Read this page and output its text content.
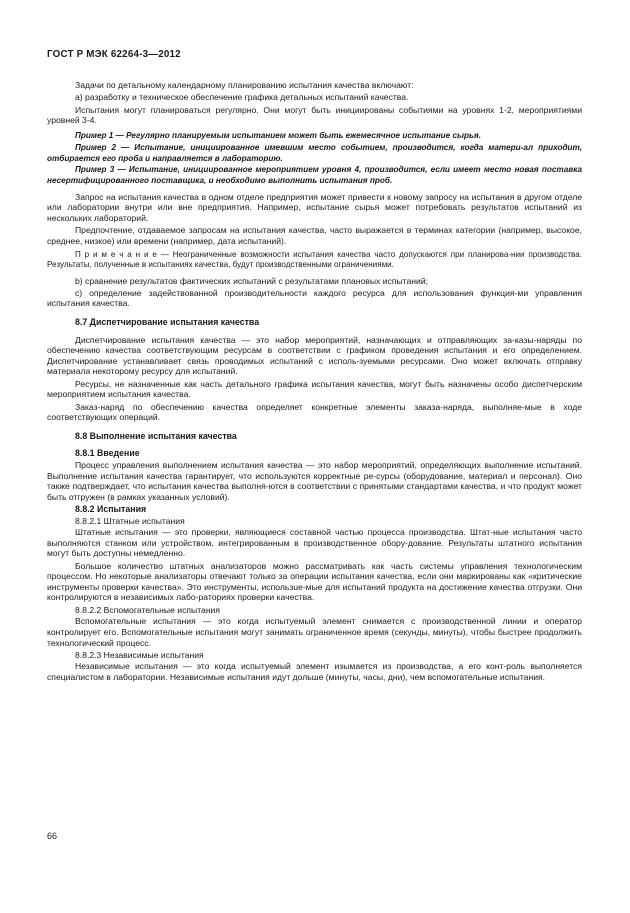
ГОСТ Р МЭК 62264-3—2012

Задачи по детальному календарному планированию испытания качества включают:

а) разработку и техническое обеспечение графика детальных испытаний качества.

Испытания могут планироваться регулярно. Они могут быть инициированы событиями на уровнях 1-2, мероприятиями уровней 3-4.

Пример 1 — Регулярно планируемым испытанием может быть ежемесячное испытание сырья.

Пример 2 — Испытание, инициированное имевшим место событием, производится, когда матери-ал приходит, отбирается его проба и направляется в лабораторию.

Пример 3 — Испытание, инициированное мероприятием уровня 4, производится, если имеет место новая поставка несертифицированного поставщика, и необходимо выполнить испытания проб.

Запрос на испытания качества в одном отделе предприятия может привести к новому запросу на испытания в другом отделе или лаборатории внутри или вне предприятия. Например, испытание сырья может потребовать результатов испытаний из нескольких лабораторий.

Предпочтение, отдаваемое запросам на испытания качества, часто выражается в терминах категории (например, высокое, среднее, низкое) или времени (например, дата испытаний).

П р и м е ч а н и е — Неограниченные возможности испытания качества часто допускаются при планирова-нии производства. Результаты, полученные в испытаниях качества, будут производственными ограничениями.

b) сравнение результатов фактических испытаний с результатами плановых испытаний;

c) определение задействованной производительности каждого ресурса для использования функция-ми управления испытания качества.

8.7 Диспетчирование испытания качества

Диспетчирование испытания качества — это набор мероприятий, назначающих и отправляющих за-казы-наряды по обеспечению качества соответствующим ресурсам в соответствии с графиком проведения испытания и его определением. Диспетчирование устанавливает связь проводимых испытаний с исполь-зуемыми ресурсами. Оно может включать отправку материала некоторому ресурсу для испытаний.

Ресурсы, не назначенные как часть детального графика испытания качества, могут быть назначены особо диспетчерским мероприятием испытания качества.

Заказ-наряд по обеспечению качества определяет конкретные элементы заказа-наряда, выполняе-мые в ходе соответствующих операций.

8.8 Выполнение испытания качества
8.8.1 Введение

Процесс управления выполнением испытания качества — это набор мероприятий, определяющих выполнение испытаний. Выполнение испытания качества гарантирует, что используются корректные ре-сурсы (оборудование, материал и персонал). Оно также подтверждает, что испытания качества выполня-ются в соответствии с принятыми стандартами качества, и что продукт может быть отгружен (в рамках указанных условий).

8.8.2 Испытания
8.8.2.1 Штатные испытания

Штатные испытания — это проверки, являющиеся составной частью процесса производства. Штат-ные испытания часто выполняются станком или устройством, интегрированным в производственное обору-дование. Результаты штатного испытания могут быть доступны немедленно.

Большое количество штатных анализаторов можно рассматривать как часть системы управления технологическим процессом. Но некоторые анализаторы отвечают только за операции испытания качества, если они маркированы как «критические инструменты проверки качества». Это инструменты, использue-мые для испытаний продукта на достижение качества отгрузки. Они контролируются в независимых лабо-раториях проверки качества.

8.8.2.2 Вспомогательные испытания

Вспомогательные испытания — это когда испытуемый элемент снимается с производственной линии и оператор контролирует его. Вспомогательные испытания могут занимать ограниченное время (секунды, минуты), чтобы быстрее продолжить технологический процесс.

8.8.2.3 Независимые испытания

Независимые испытания — это когда испытуемый элемент изымается из производства, а его конт-роль выполняется специалистом в лаборатории. Независимые испытания идут дольше (минуты, часы, дни), чем вспомогательные испытания.

66
